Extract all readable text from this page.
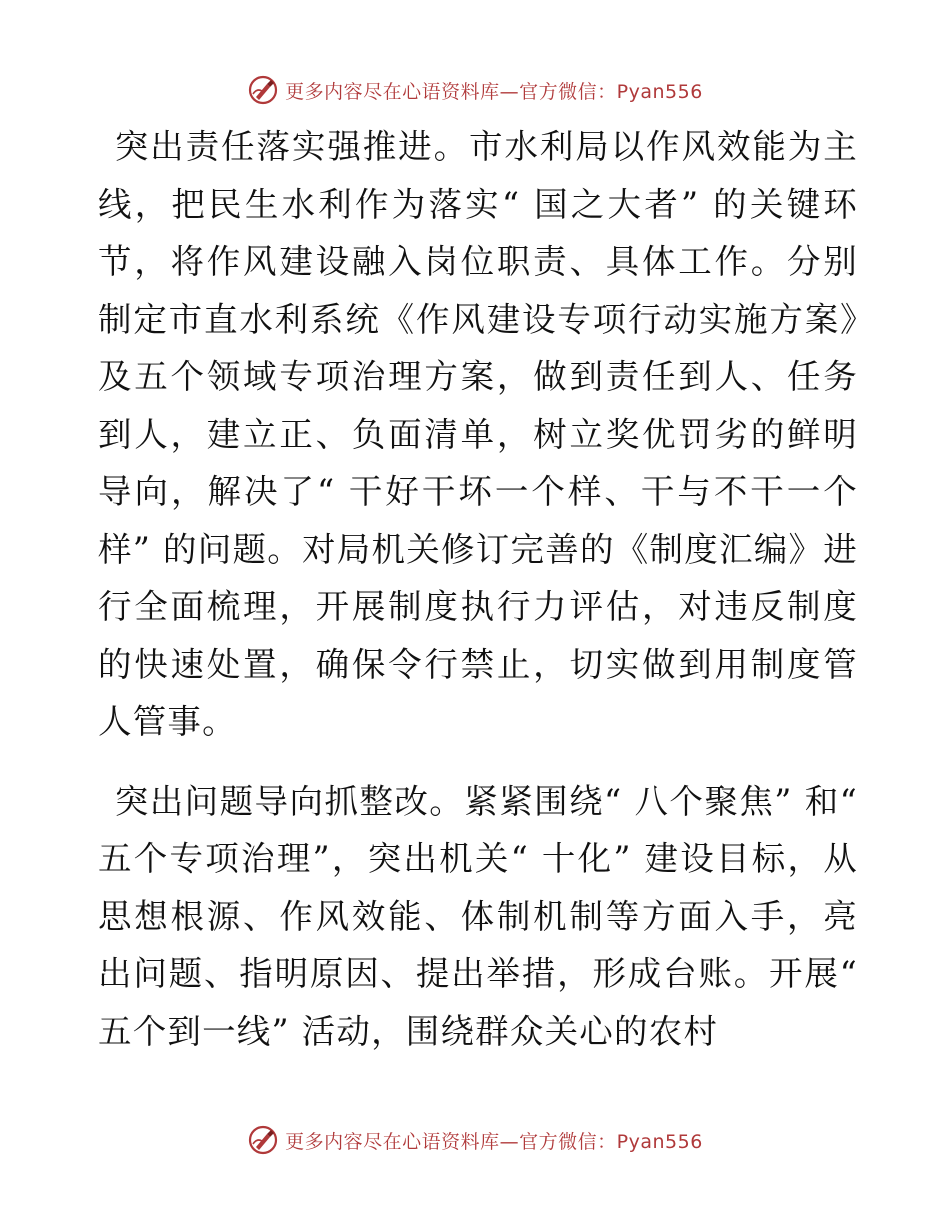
更多内容尽在心语资料库—官方微信：Pyan556

突出责任落实强推进。市水利局以作风效能为主线，把民生水利作为落实“ 国之大者” 的关键环节，将作风建设融入岗位职责、具体工作。分别制定市直水利系统《作风建设专项行动实施方案》及五个领域专项治理方案，做到责任到人、任务到人，建立正、负面清单，树立奖优罚劣的鲜明导向，解决了“ 干好干坏一个样、干与不干一个样” 的问题。对局机关修订完善的《制度汇编》进行全面梳理，开展制度执行力评估，对违反制度的快速处置，确保令行禁止，切实做到用制度管人管事。

突出问题导向抓整改。紧紧围绕“ 八个聚焦” 和“ 五个专项治理”，突出机关“ 十化” 建设目标，从思想根源、作风效能、体制机制等方面入手，亮出问题、指明原因、提出举措，形成台账。开展“ 五个到一线” 活动，围绕群众关心的农村

更多内容尽在心语资料库—官方微信：Pyan556
